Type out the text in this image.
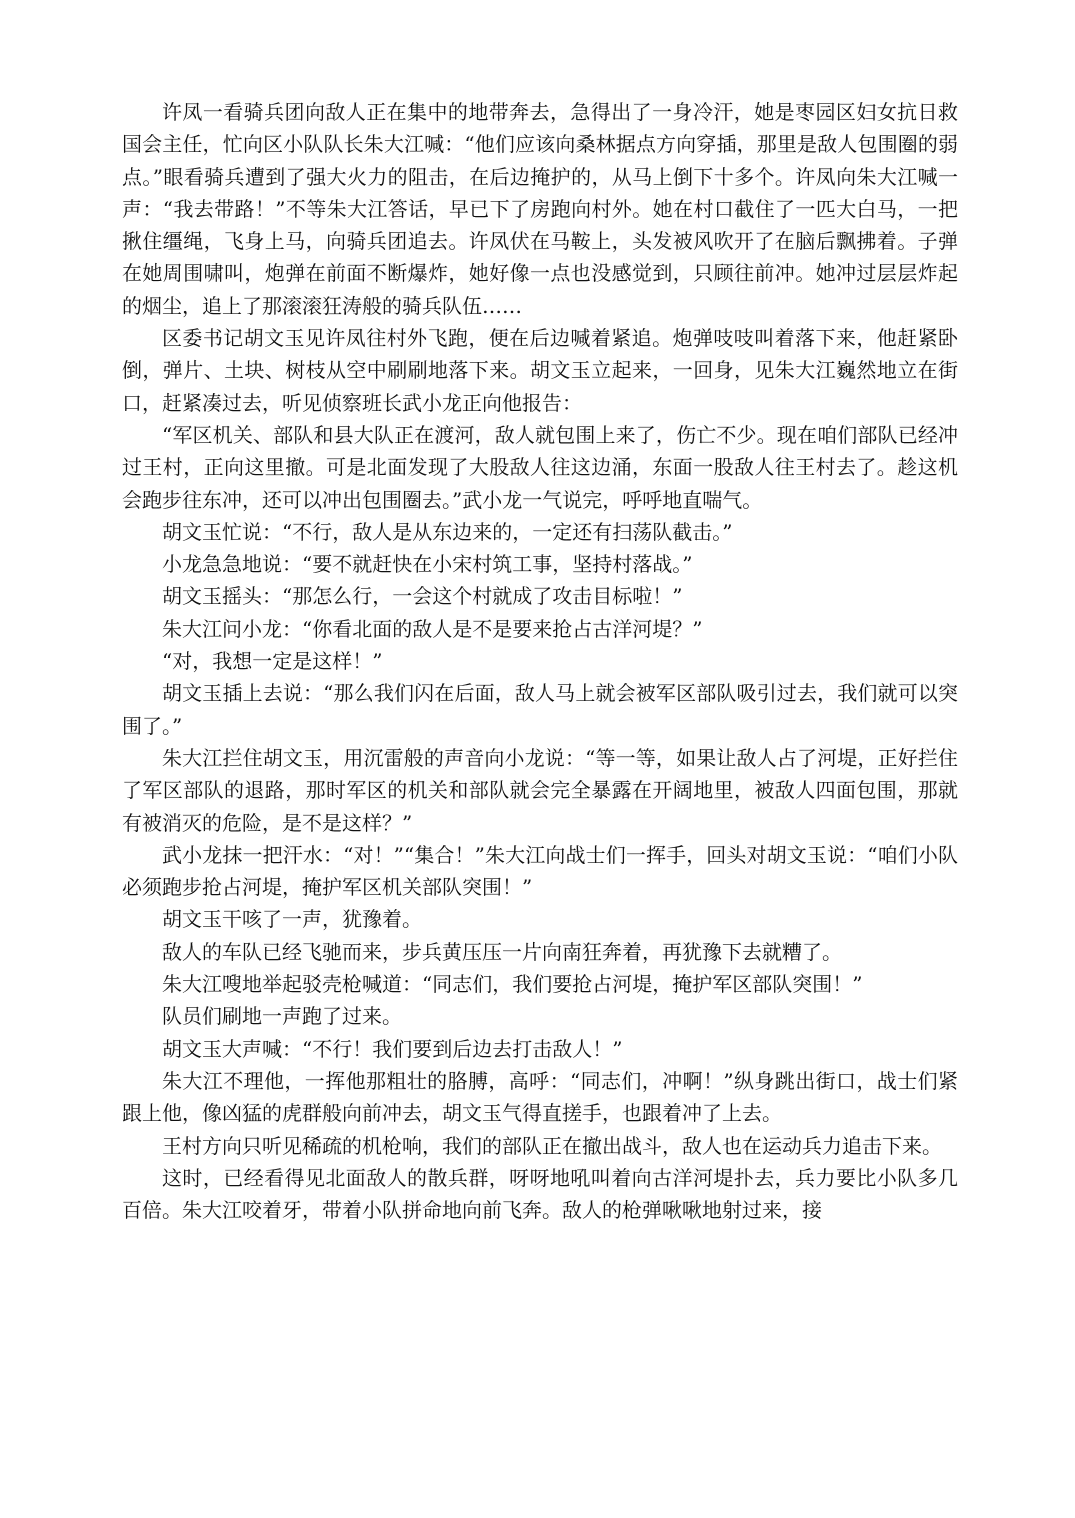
许凤一看骑兵团向敌人正在集中的地带奔去，急得出了一身冷汗，她是枣园区妇女抗日救国会主任，忙向区小队队长朱大江喊：“他们应该向桑林据点方向穿插，那里是敌人包围圈的弱点。”眼看骑兵遭到了强大火力的阻击，在后边掩护的，从马上倒下十多个。许凤向朱大江喊一声：“我去带路！”不等朱大江答话，早已下了房跑向村外。她在村口截住了一匹大白马，一把揪住缰绳，飞身上马，向骑兵团追去。许凤伏在马鞍上，头发被风吹开了在脑后飘拂着。子弹在她周围啸叫，炮弹在前面不断爆炸，她好像一点也没感觉到，只顾往前冲。她冲过层层炸起的烟尘，追上了那滚滚狂涛般的骑兵队伍……

区委书记胡文玉见许凤往村外飞跑，便在后边喊着紧追。炮弹吱吱叫着落下来，他赶紧卧倒，弹片、土块、树枝从空中刷刷地落下来。胡文玉立起来，一回身，见朱大江巍然地立在街口，赶紧凑过去，听见侦察班长武小龙正向他报告：

“军区机关、部队和县大队正在渡河，敌人就包围上来了，伤亡不少。现在咱们部队已经冲过王村，正向这里撤。可是北面发现了大股敌人往这边涌，东面一股敌人往王村去了。趁这机会跑步往东冲，还可以冲出包围圈去。”武小龙一气说完，呼呼地直喘气。

胡文玉忙说：“不行，敌人是从东边来的，一定还有扫荡队截击。”

小龙急急地说：“要不就赶快在小宋村筑工事，坚持村落战。”

胡文玉摇头：“那怎么行，一会这个村就成了攻击目标啦！”

朱大江问小龙：“你看北面的敌人是不是要来抢占古洋河堤？”

“对，我想一定是这样！”

胡文玉插上去说：“那么我们闪在后面，敌人马上就会被军区部队吸引过去，我们就可以突围了。”

朱大江拦住胡文玉，用沉雷般的声音向小龙说：“等一等，如果让敌人占了河堤，正好拦住了军区部队的退路，那时军区的机关和部队就会完全暴露在开阔地里，被敌人四面包围，那就有被消灭的危险，是不是这样？”

武小龙抹一把汗水：“对！”“集合！”朱大江向战士们一挥手，回头对胡文玉说：“咱们小队必须跑步抢占河堤，掩护军区机关部队突围！”

胡文玉干咳了一声，犹豫着。

敌人的车队已经飞驰而来，步兵黄压压一片向南狂奔着，再犹豫下去就糟了。

朱大江嗖地举起驳壳枪喊道：“同志们，我们要抢占河堤，掩护军区部队突围！”

队员们刷地一声跑了过来。

胡文玉大声喊：“不行！我们要到后边去打击敌人！”

朱大江不理他，一挥他那粗壮的胳膊，高呼：“同志们，冲啊！”纵身跳出街口，战士们紧跟上他，像凶猛的虎群般向前冲去，胡文玉气得直搓手，也跟着冲了上去。

王村方向只听见稀疏的机枪响，我们的部队正在撤出战斗，敌人也在运动兵力追击下来。

这时，已经看得见北面敌人的散兵群，呀呀地吼叫着向古洋河堤扑去，兵力要比小队多几百倍。朱大江咬着牙，带着小队拼命地向前飞奔。敌人的枪弹啾啾地射过来，接
